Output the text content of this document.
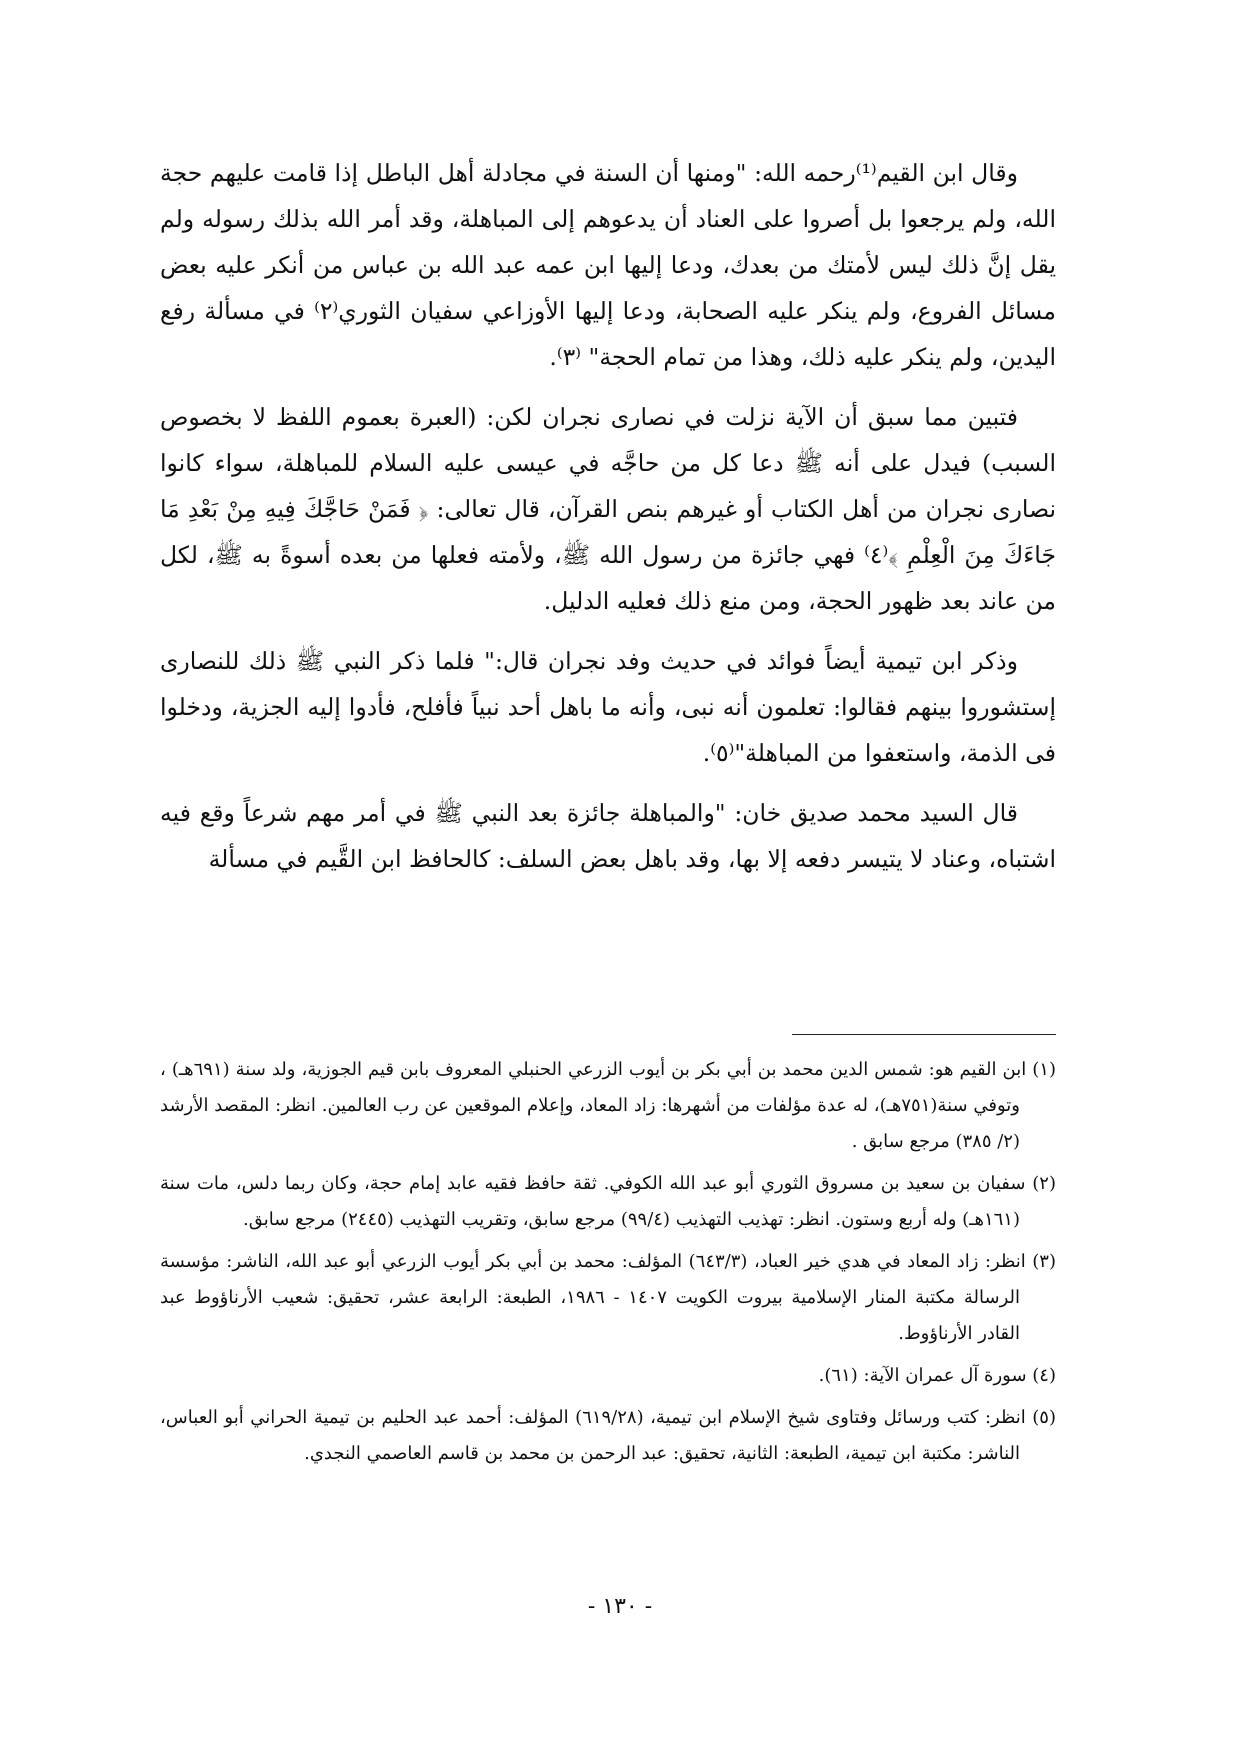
وقال ابن القيم⁽¹⁾رحمه الله: "ومنها أن السنة في مجادلة أهل الباطل إذا قامت عليهم حجة الله، ولم يرجعوا بل أصروا على العناد أن يدعوهم إلى المباهلة، وقد أمر الله بذلك رسوله ولم يقل إنَّ ذلك ليس لأمتك من بعدك، ودعا إليها ابن عمه عبد الله بن عباس من أنكر عليه بعض مسائل الفروع، ولم ينكر عليه الصحابة، ودعا إليها الأوزاعي سفيان الثوري⁽٢⁾ في مسألة رفع اليدين، ولم ينكر عليه ذلك، وهذا من تمام الحجة" ⁽٣⁾.

فتبين مما سبق أن الآية نزلت في نصارى نجران لكن: (العبرة بعموم اللفظ لا بخصوص السبب) فيدل على أنه ﷺ دعا كل من حاجَّه في عيسى عليه السلام للمباهلة، سواء كانوا نصارى نجران من أهل الكتاب أو غيرهم بنص القرآن، قال تعالى: ﴿ فَمَنْ حَاجَّكَ فِيهِ مِنْ بَعْدِ مَا جَاءَكَ مِنَ الْعِلْمِ ﴾⁽٤⁾ فهي جائزة من رسول الله ﷺ، ولأمته فعلها من بعده أسوةً به ﷺ، لكل من عاند بعد ظهور الحجة، ومن منع ذلك فعليه الدليل.

وذكر ابن تيمية أيضاً فوائد في حديث وفد نجران قال:" فلما ذكر النبي ﷺ ذلك للنصارى إستشوروا بينهم فقالوا: تعلمون أنه نبى، وأنه ما باهل أحد نبياً فأفلح، فأدوا إليه الجزية، ودخلوا فى الذمة، واستعفوا من المباهلة"⁽٥⁾.

قال السيد محمد صديق خان: "والمباهلة جائزة بعد النبي ﷺ في أمر مهم شرعاً وقع فيه اشتباه، وعناد لا يتيسر دفعه إلا بها، وقد باهل بعض السلف: كالحافظ ابن القَّيم في مسألة

(١) ابن القيم هو: شمس الدين محمد بن أبي بكر بن أيوب الزرعي الحنبلي المعروف بابن قيم الجوزية، ولد سنة (٦٩١هـ) ، وتوفي سنة(٧٥١هـ)، له عدة مؤلفات من أشهرها: زاد المعاد، وإعلام الموقعين عن رب العالمين. انظر: المقصد الأرشد (٢/ ٣٨٥) مرجع سابق .

(٢) سفيان بن سعيد بن مسروق الثوري أبو عبد الله الكوفي. ثقة حافظ فقيه عابد إمام حجة، وكان ربما دلس، مات سنة (١٦١هـ) وله أربع وستون. انظر: تهذيب التهذيب (٩٩/٤) مرجع سابق، وتقريب التهذيب (٢٤٤٥) مرجع سابق.

(٣) انظر: زاد المعاد في هدي خير العباد، (٦٤٣/٣) المؤلف: محمد بن أبي بكر أيوب الزرعي أبو عبد الله، الناشر: مؤسسة الرسالة مكتبة المنار الإسلامية بيروت الكويت ١٤٠٧ - ١٩٨٦، الطبعة: الرابعة عشر، تحقيق: شعيب الأرناؤوط عبد القادر الأرناؤوط.

(٤) سورة آل عمران الآية: (٦١).

(٥) انظر: كتب ورسائل وفتاوى شيخ الإسلام ابن تيمية، (٦١٩/٢٨) المؤلف: أحمد عبد الحليم بن تيمية الحراني أبو العباس، الناشر: مكتبة ابن تيمية، الطبعة: الثانية، تحقيق: عبد الرحمن بن محمد بن قاسم العاصمي النجدي.

- ١٣٠ -
